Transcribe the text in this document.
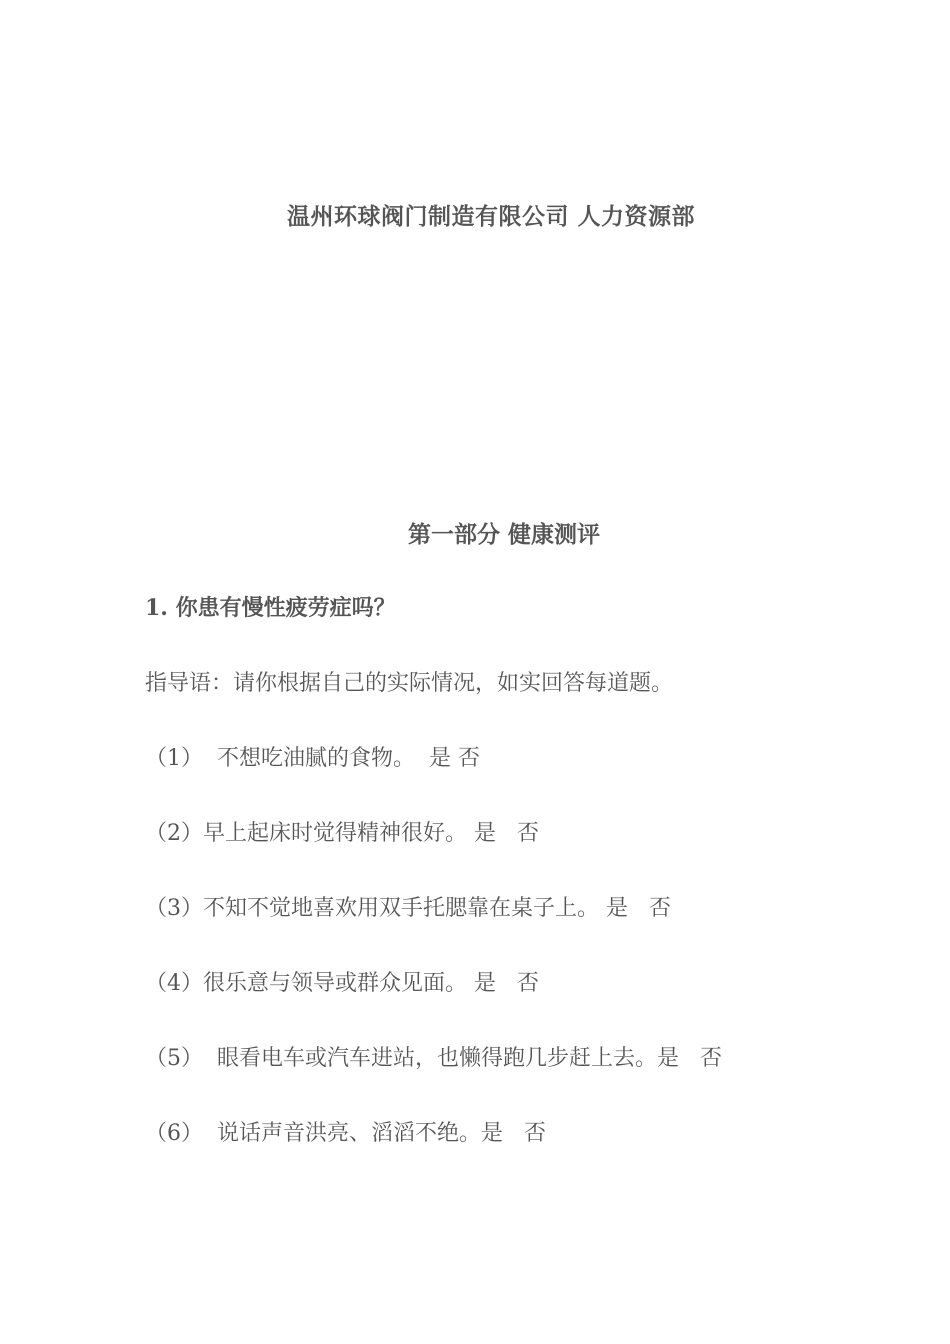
温州环球阀门制造有限公司 人力资源部
第一部分 健康测评
1. 你患有慢性疲劳症吗？
指导语：请你根据自己的实际情况，如实回答每道题。
（1）  不想吃油腻的食物。  是 否
（2）早上起床时觉得精神很好。 是   否
（3）不知不觉地喜欢用双手托腮靠在桌子上。 是   否
（4）很乐意与领导或群众见面。 是   否
（5）  眼看电车或汽车进站，也懒得跑几步赶上去。是   否
（6）  说话声音洪亮、滔滔不绝。是   否
